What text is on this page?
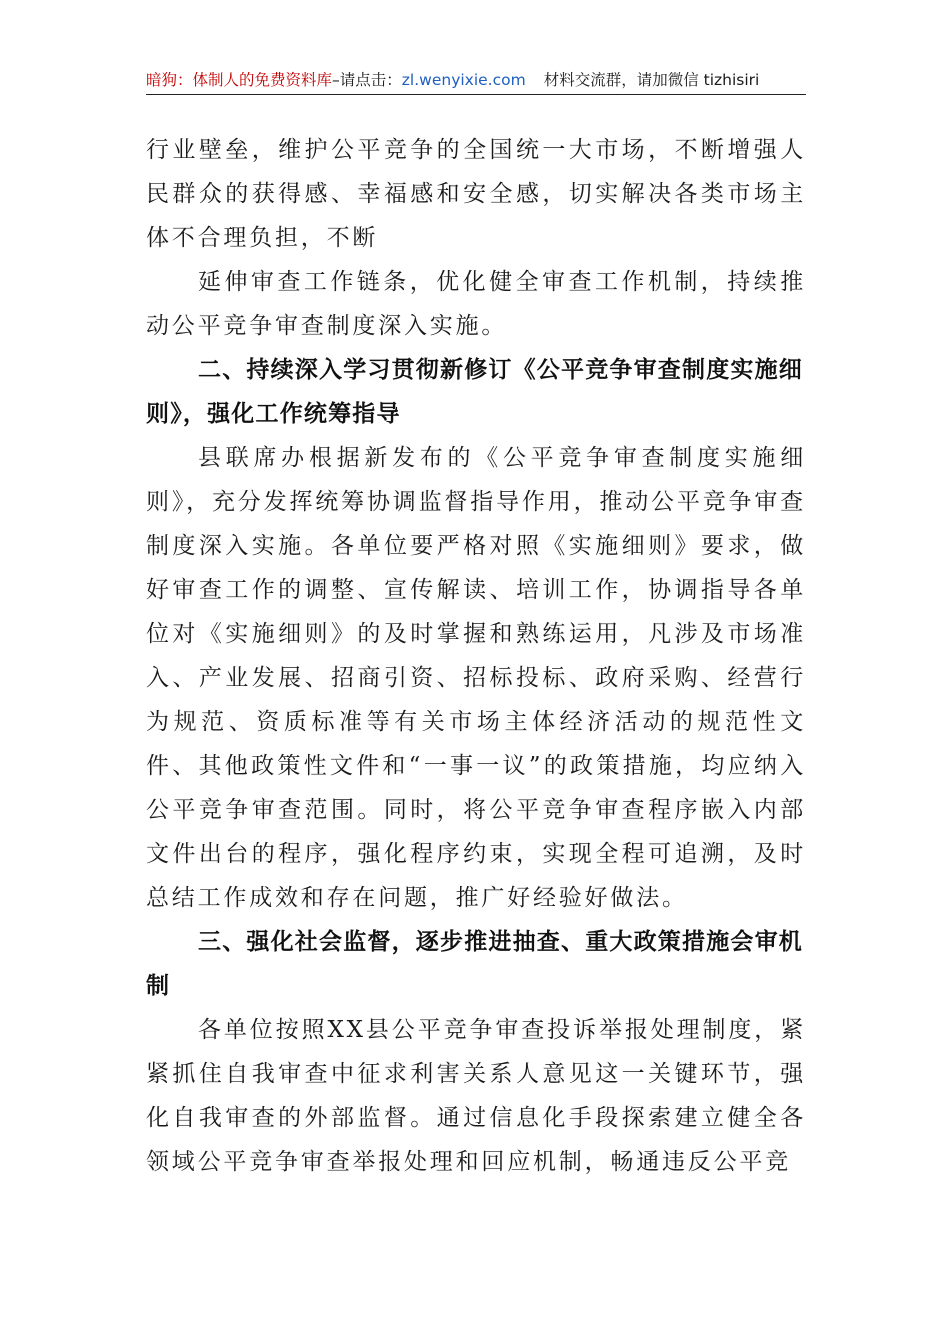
暗狗：体制人的免费资料库–请点击：zl.wenyixie.com 材料交流群，请加微信 tizhisiri

行业壁垒，维护公平竞争的全国统一大市场，不断增强人民群众的获得感、幸福感和安全感，切实解决各类市场主体不合理负担，不断

延伸审查工作链条，优化健全审查工作机制，持续推动公平竞争审查制度深入实施。

二、持续深入学习贯彻新修订《公平竞争审查制度实施细则》，强化工作统筹指导

县联席办根据新发布的《公平竞争审查制度实施细则》，充分发挥统筹协调监督指导作用，推动公平竞争审查制度深入实施。各单位要严格对照《实施细则》要求，做好审查工作的调整、宣传解读、培训工作，协调指导各单位对《实施细则》的及时掌握和熟练运用，凡涉及市场准入、产业发展、招商引资、招标投标、政府采购、经营行为规范、资质标准等有关市场主体经济活动的规范性文件、其他政策性文件和“一事一议”的政策措施，均应纳入公平竞争审查范围。同时，将公平竞争审查程序嵌入内部文件出台的程序，强化程序约束，实现全程可追溯，及时总结工作成效和存在问题，推广好经验好做法。

三、强化社会监督，逐步推进抽查、重大政策措施会审机制

各单位按照XX县公平竞争审查投诉举报处理制度，紧紧抓住自我审查中征求利害关系人意见这一关键环节，强化自我审查的外部监督。通过信息化手段探索建立健全各领域公平竞争审查举报处理和回应机制，畅通违反公平竞
